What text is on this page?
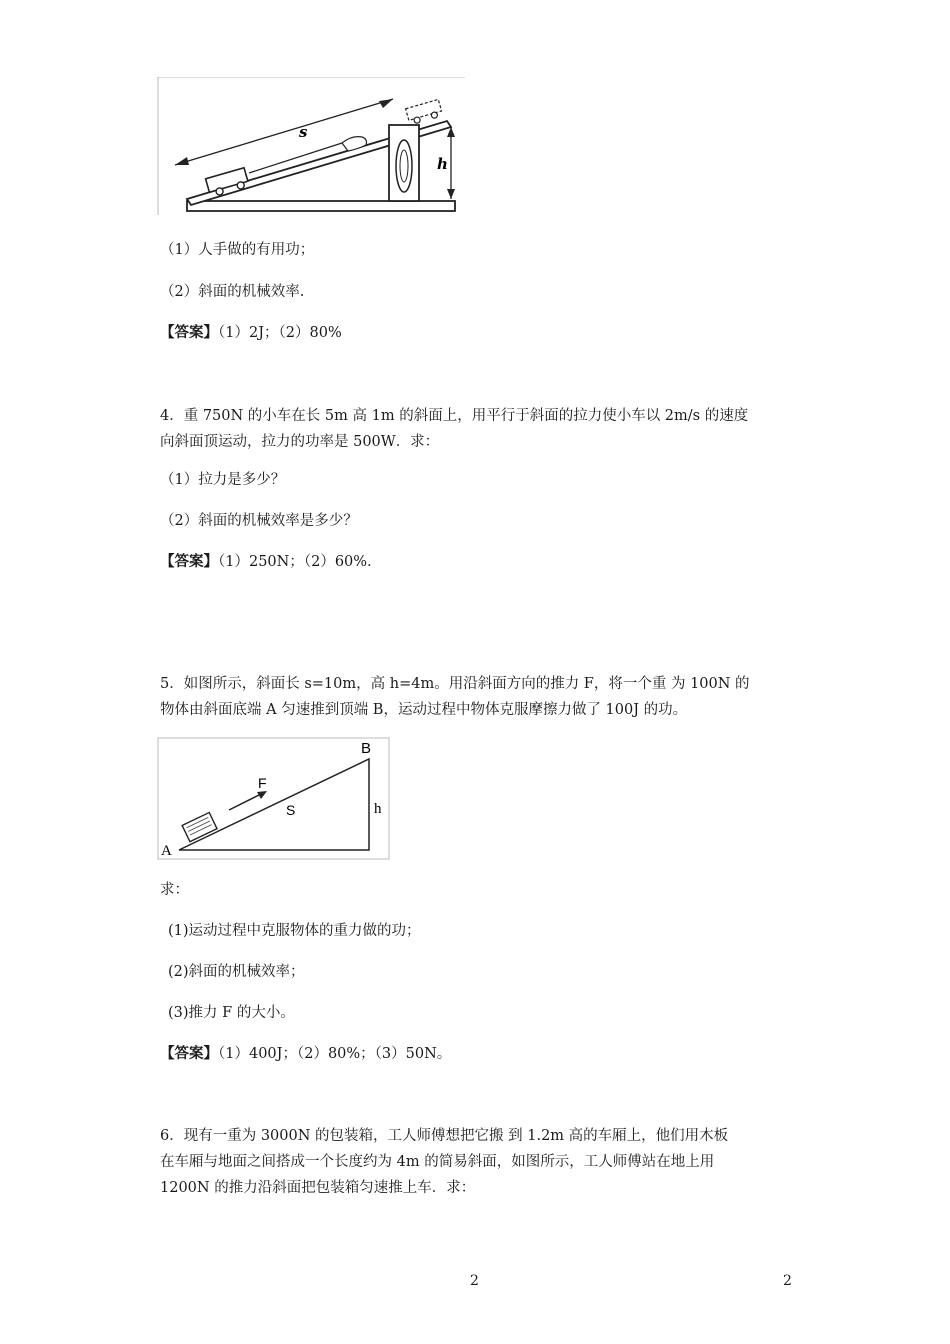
s
h
（1）人手做的有用功；
（2）斜面的机械效率.
【答案】（1）2J；（2）80%
4．重 750N 的小车在长 5m 高 1m 的斜面上，用平行于斜面的拉力使小车以 2m/s 的速度
向斜面顶运动，拉力的功率是 500W．求：
（1）拉力是多少？
（2）斜面的机械效率是多少？
【答案】（1）250N；（2）60%.
5．如图所示，斜面长 s=10m，高 h=4m。用沿斜面方向的推力 F，将一个重 为 100N 的
物体由斜面底端 A 匀速推到顶端 B，运动过程中物体克服摩擦力做了 100J 的功。
A
B
F
S	h
求：
(1)运动过程中克服物体的重力做的功；
(2)斜面的机械效率；
(3)推力 F 的大小。
【答案】（1）400J；（2）80%；（3）50N。
6．现有一重为 3000N 的包装箱，工人师傅想把它搬 到 1.2m 高的车厢上，他们用木板
在车厢与地面之间搭成一个长度约为 4m 的简易斜面，如图所示，工人师傅站在地上用
1200N 的推力沿斜面把包装箱匀速推上车．求：
2	2
